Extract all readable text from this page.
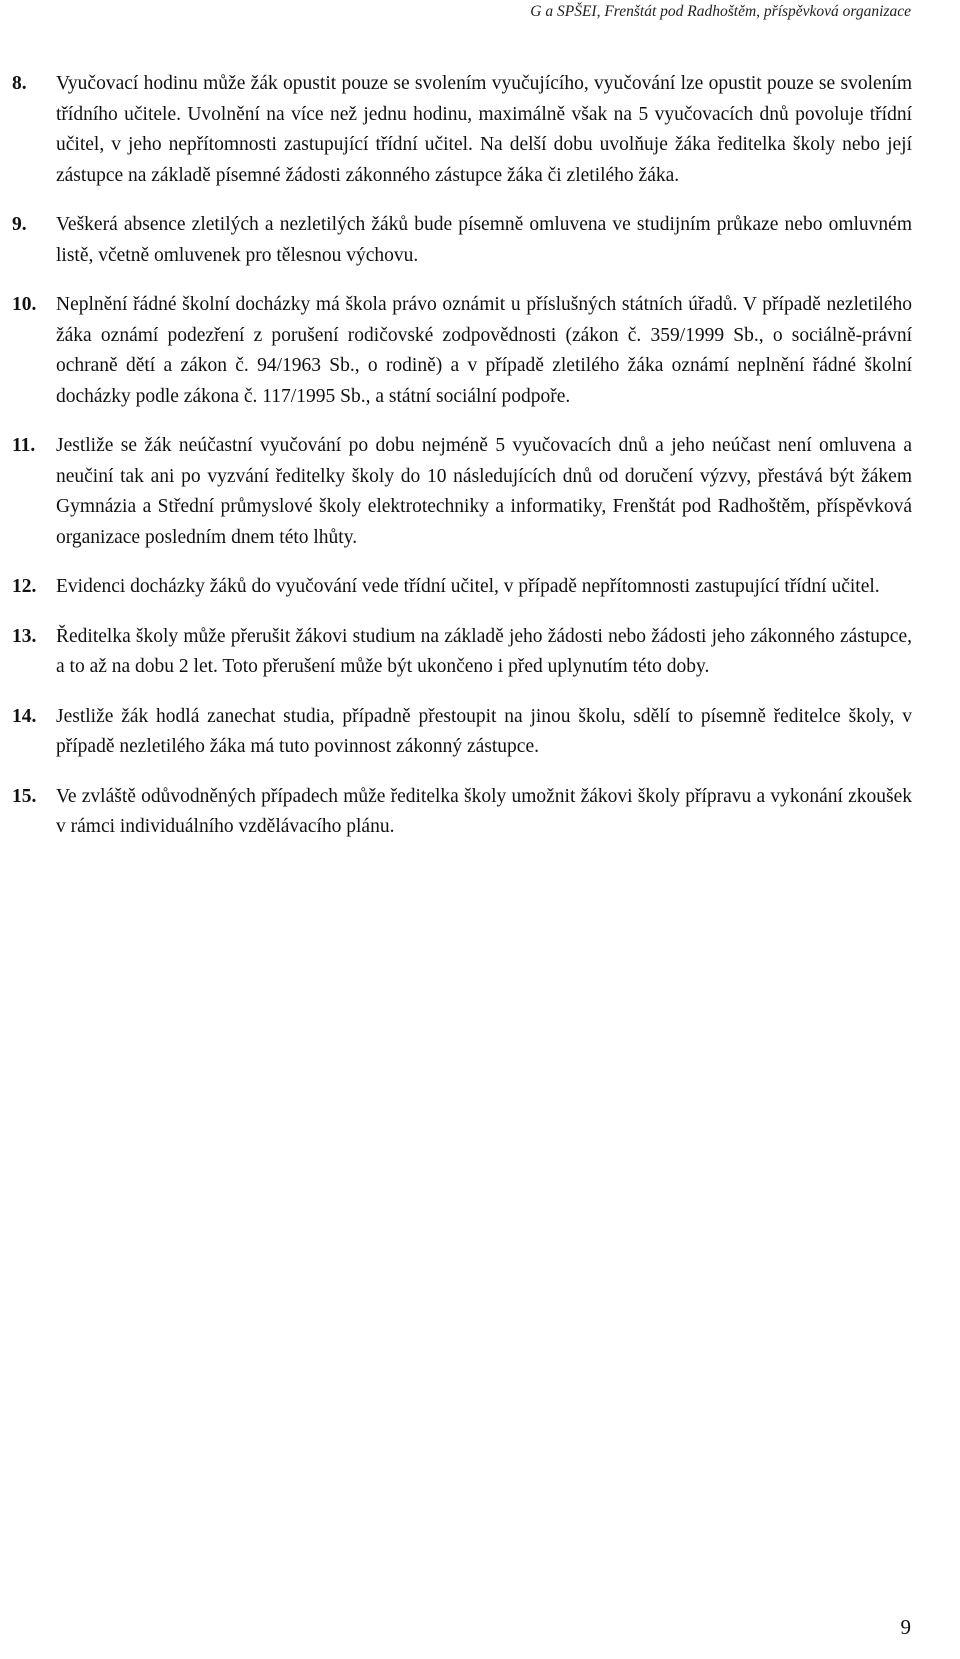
G a SPŠEI, Frenštát pod Radhoštěm, příspěvková organizace
8.	Vyučovací hodinu může žák opustit pouze se svolením vyučujícího, vyučování lze opustit pouze se svolením třídního učitele. Uvolnění na více než jednu hodinu, maximálně však na 5 vyučovacích dnů povoluje třídní učitel, v jeho nepřítomnosti zastupující třídní učitel. Na delší dobu uvolňuje žáka ředitelka školy nebo její zástupce na základě písemné žádosti zákonného zástupce žáka či zletilého žáka.
9.	Veškerá absence zletilých a nezletilých žáků bude písemně omluvena ve studijním průkaze nebo omluvném listě, včetně omluvenek pro tělesnou výchovu.
10.	Neplnění řádné školní docházky má škola právo oznámit u příslušných státních úřadů. V případě nezletilého žáka oznámí podezření z porušení rodičovské zodpovědnosti (zákon č. 359/1999 Sb., o sociálně-právní ochraně dětí a zákon č. 94/1963 Sb., o rodině) a v případě zletilého žáka oznámí neplnění řádné školní docházky podle zákona č. 117/1995 Sb., a státní sociální podpoře.
11.	Jestliže se žák neúčastní vyučování po dobu nejméně 5 vyučovacích dnů a jeho neúčast není omluvena a neučiní tak ani po vyzvání ředitelky školy do 10 následujících dnů od doručení výzvy, přestává být žákem Gymnázia a Střední průmyslové školy elektrotechniky a informatiky, Frenštát pod Radhoštěm, příspěvková organizace posledním dnem této lhůty.
12.	Evidenci docházky žáků do vyučování vede třídní učitel, v případě nepřítomnosti zastupující třídní učitel.
13.	Ředitelka školy může přerušit žákovi studium na základě jeho žádosti nebo žádosti jeho zákonného zástupce, a to až na dobu 2 let. Toto přerušení může být ukončeno i před uplynutím této doby.
14.	Jestliže žák hodlá zanechat studia, případně přestoupit na jinou školu, sdělí to písemně ředitelce školy, v případě nezletilého žáka má tuto povinnost zákonný zástupce.
15.	Ve zvláště odůvodněných případech může ředitelka školy umožnit žákovi školy přípravu a vykonání zkoušek v rámci individuálního vzdělávacího plánu.
9
